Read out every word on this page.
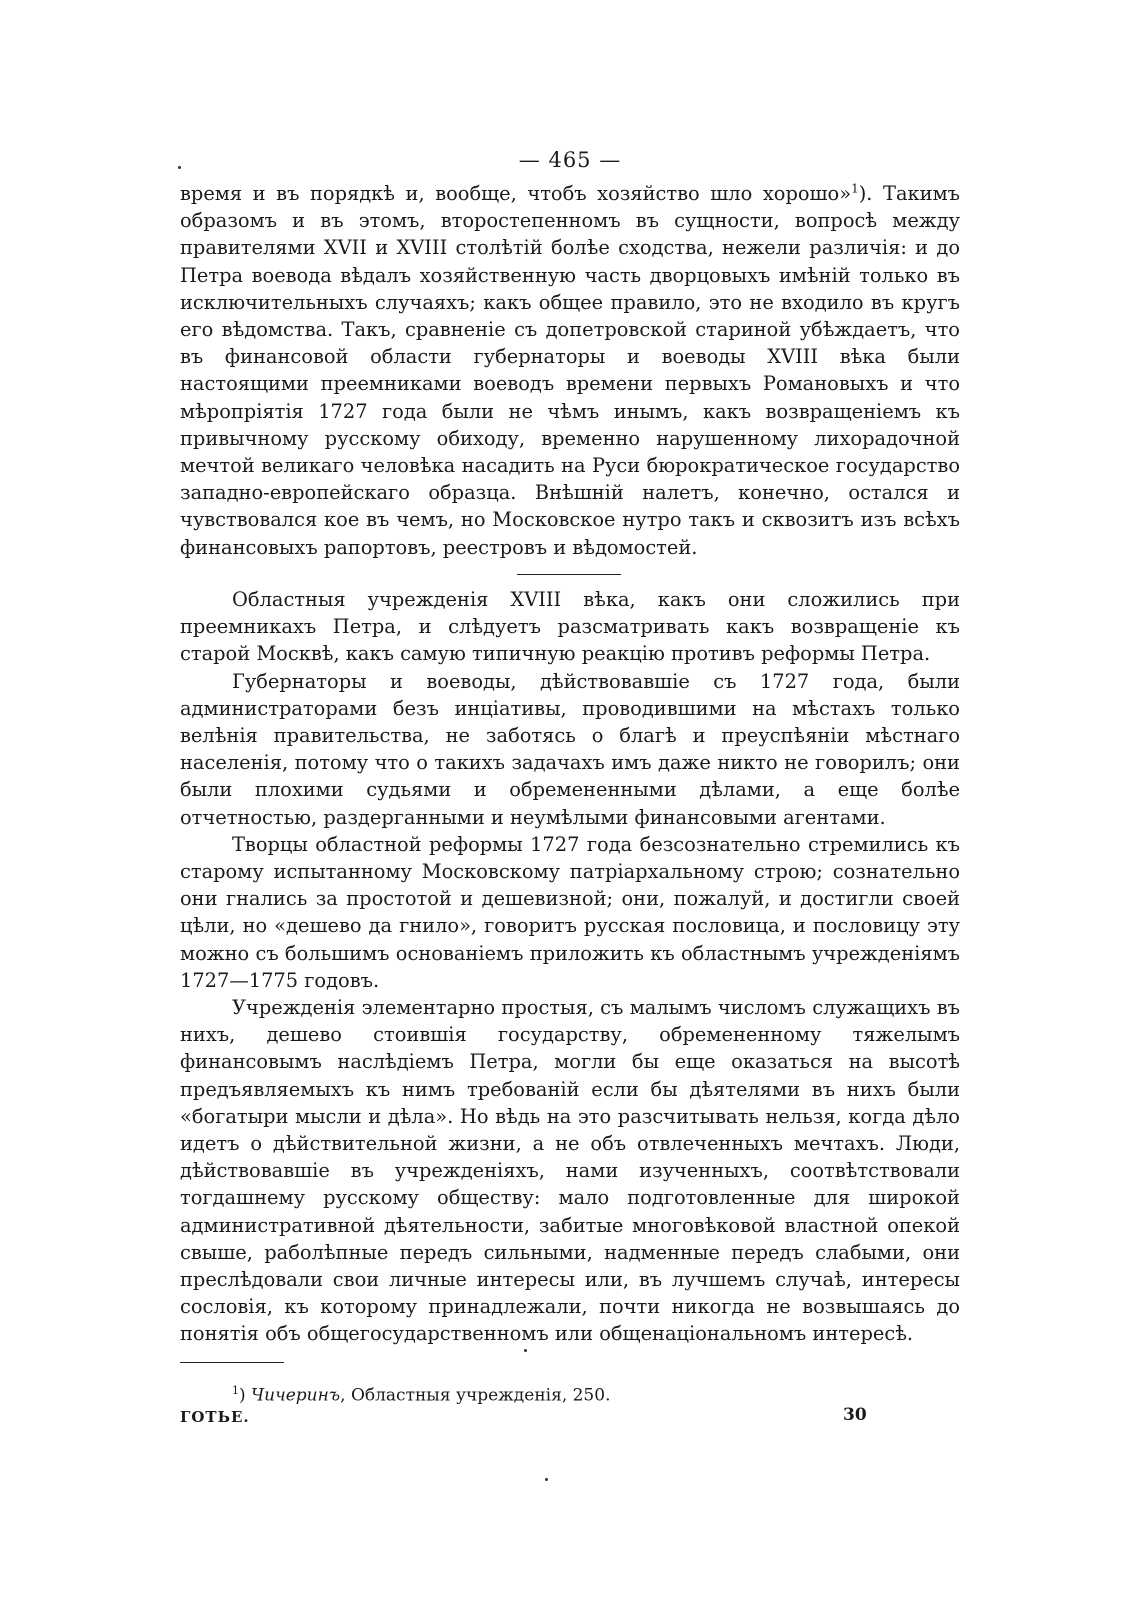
— 465 —

время и въ порядкѣ и, вообще, чтобъ хозяйство шло хорошо»$^1$). Такимъ образомъ и въ этомъ, второстепенномъ въ сущности, вопросѣ между правителями XVII и XVIII столѣтій болѣе сходства, нежели различія: и до Петра воевода вѣдалъ хозяйственную часть дворцовыхъ имѣній только въ исключительныхъ случаяхъ; какъ общее правило, это не входило въ кругъ его вѣдомства. Такъ, сравненіе съ допетровской стариной убѣждаетъ, что въ финансовой области губернаторы и воеводы XVIII вѣка были настоящими преемниками воеводъ времени первыхъ Романовыхъ и что мѣропріятія 1727 года были не чѣмъ инымъ, какъ возвращеніемъ къ привычному русскому обиходу, временно нарушенному лихорадочной мечтой великаго человѣка насадить на Руси бюрократическое государство западно-европейскаго образца. Внѣшній налетъ, конечно, остался и чувствовался кое въ чемъ, но Московское нутро такъ и сквозитъ изъ всѣхъ финансовыхъ рапортовъ, реестровъ и вѣдомостей.

Областныя учрежденія XVIII вѣка, какъ они сложились при преемникахъ Петра, и слѣдуетъ разсматривать какъ возвращеніе къ старой Москвѣ, какъ самую типичную реакцію противъ реформы Петра.

Губернаторы и воеводы, дѣйствовавшіе съ 1727 года, были администраторами безъ инціативы, проводившими на мѣстахъ только велѣнія правительства, не заботясь о благѣ и преуспѣяніи мѣстнаго населенія, потому что о такихъ задачахъ имъ даже никто не говорилъ; они были плохими судьями и обремененными дѣлами, а еще болѣе отчетностью, раздерганными и неумѣлыми финансовыми агентами.

Творцы областной реформы 1727 года безсознательно стремились къ старому испытанному Московскому патріархальному строю; сознательно они гнались за простотой и дешевизной; они, пожалуй, и достигли своей цѣли, но «дешево да гнило», говоритъ русская пословица, и пословицу эту можно съ большимъ основаніемъ приложить къ областнымъ учрежденіямъ 1727—1775 годовъ.

Учрежденія элементарно простыя, съ малымъ числомъ служащихъ въ нихъ, дешево стоившія государству, обремененному тяжелымъ финансовымъ наслѣдіемъ Петра, могли бы еще оказаться на высотѣ предъявляемыхъ къ нимъ требованій если бы дѣятелями въ нихъ были «богатыри мысли и дѣла». Но вѣдь на это разсчитывать нельзя, когда дѣло идетъ о дѣйствительной жизни, а не объ отвлеченныхъ мечтахъ. Люди, дѣйствовавшіе въ учрежденіяхъ, нами изученныхъ, соотвѣтствовали тогдашнему русскому обществу: мало подготовленные для широкой административной дѣятельности, забитые многовѣковой властной опекой свыше, раболѣпные передъ сильными, надменные передъ слабыми, они преслѣдовали свои личные интересы или, въ лучшемъ случаѣ, интересы сословія, къ которому принадлежали, почти никогда не возвышаясь до понятія объ общегосударственномъ или общенаціональномъ интересѣ.

$^1$) Чичеринъ, Областныя учрежденія, 250.
ГОТЬЕ.	30
